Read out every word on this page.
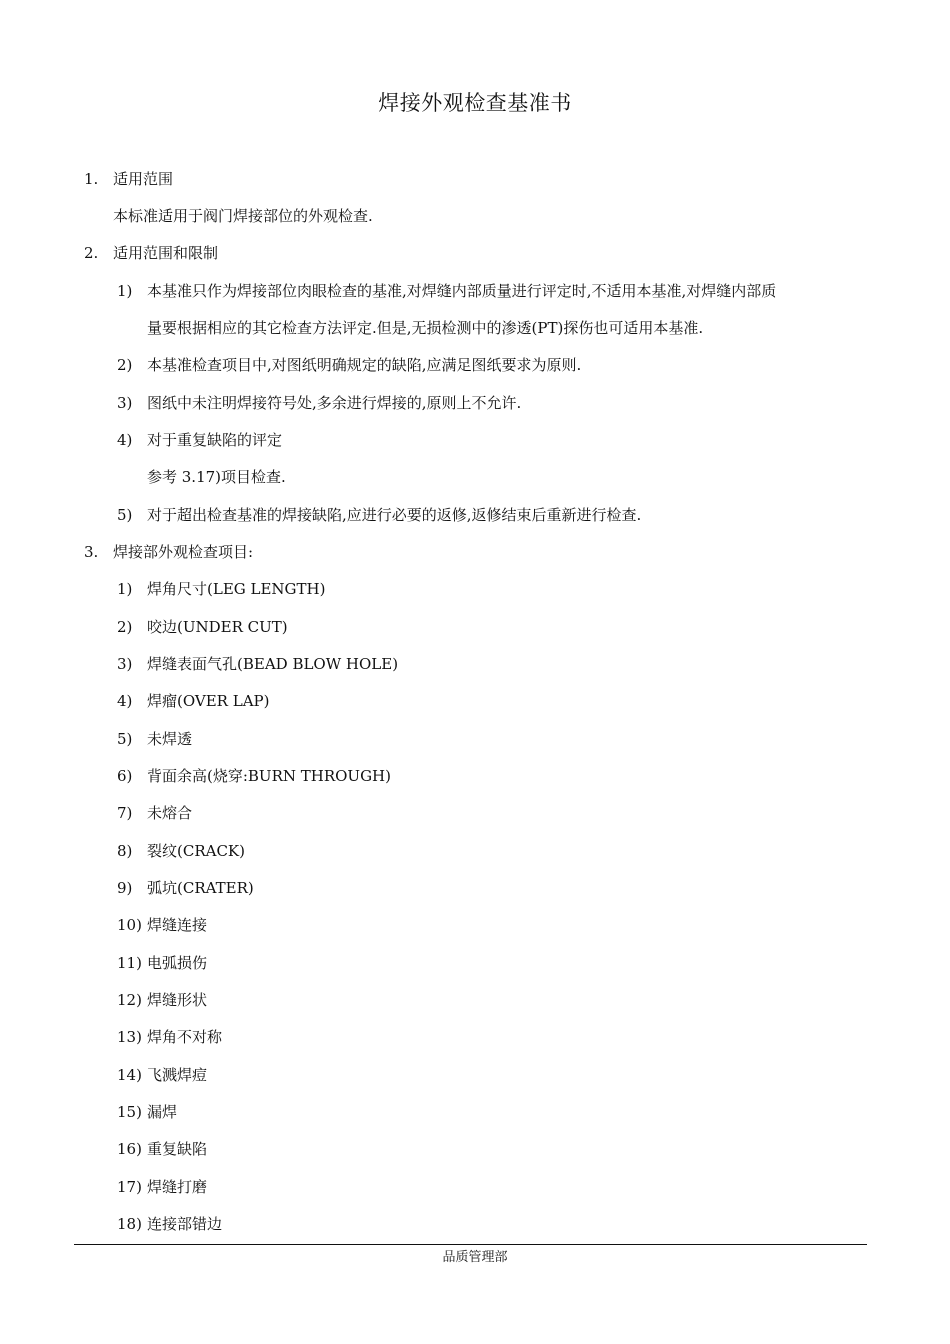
焊接外观检查基准书
1. 适用范围
本标准适用于阀门焊接部位的外观检查.
2. 适用范围和限制
1) 本基准只作为焊接部位肉眼检查的基准,对焊缝内部质量进行评定时,不适用本基准,对焊缝内部质
量要根据相应的其它检查方法评定.但是,无损检测中的渗透(PT)探伤也可适用本基准.
2) 本基准检查项目中,对图纸明确规定的缺陷,应满足图纸要求为原则.
3) 图纸中未注明焊接符号处,多余进行焊接的,原则上不允许.
4) 对于重复缺陷的评定
参考 3.17)项目检查.
5) 对于超出检查基准的焊接缺陷,应进行必要的返修,返修结束后重新进行检查.
3. 焊接部外观检查项目:
1) 焊角尺寸(LEG LENGTH)
2) 咬边(UNDER CUT)
3) 焊缝表面气孔(BEAD BLOW HOLE)
4) 焊瘤(OVER LAP)
5) 未焊透
6) 背面余高(烧穿:BURN THROUGH)
7) 未熔合
8) 裂纹(CRACK)
9) 弧坑(CRATER)
10) 焊缝连接
11) 电弧损伤
12) 焊缝形状
13) 焊角不对称
14) 飞溅焊痘
15) 漏焊
16) 重复缺陷
17) 焊缝打磨
18) 连接部错边
品质管理部
